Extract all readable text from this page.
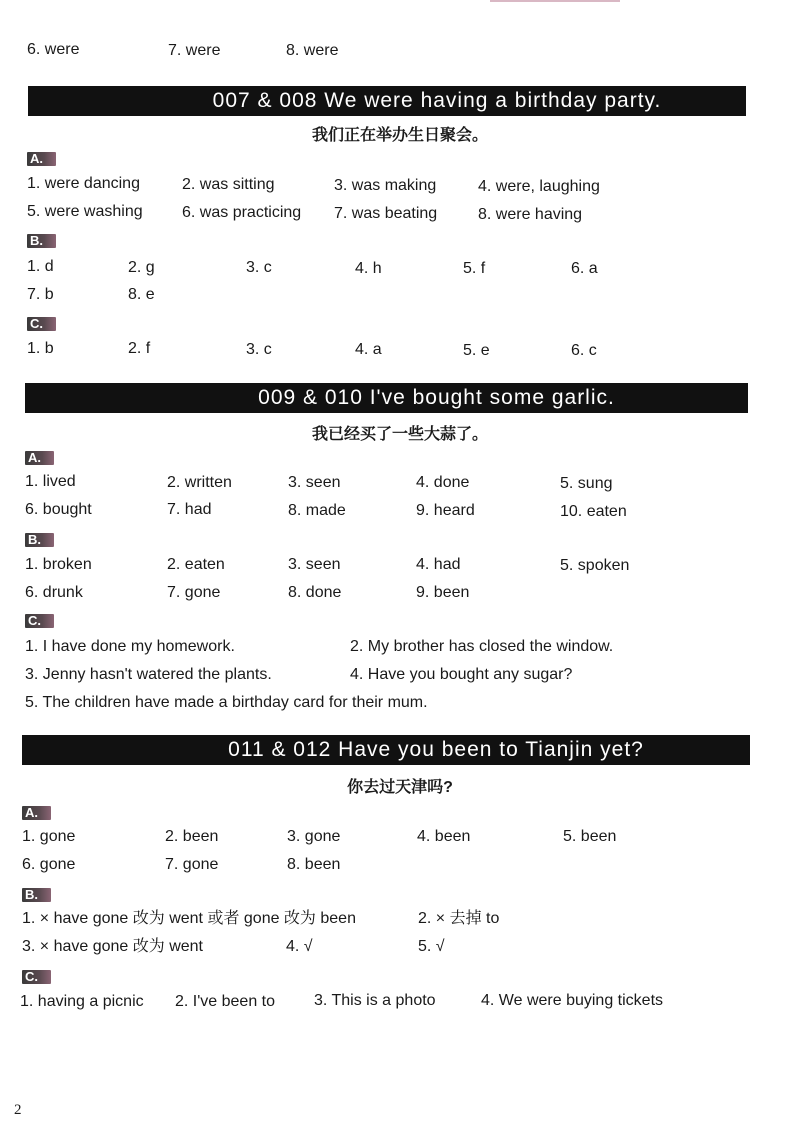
6. were	7. were	8. were
007 & 008 We were having a birthday party.
我们正在举办生日聚会。
A.
1. were dancing	2. was sitting	3. was making	4. were, laughing
5. were washing 6. was practicing 7. was beating	8. were having
B.
1. d	2. g	3. c	4. h	5. f	6. a
7. b	8. e
C.
1. b	2. f	3. c	4. a	5. e	6. c
009 & 010 I've bought some garlic.
我已经买了一些大蒜了。
A.
1. lived	2. written	3. seen	4. done	5. sung
6. bought	7. had	8. made	9. heard	10. eaten
B.
1. broken	2. eaten	3. seen	4. had	5. spoken
6. drunk	7. gone	8. done	9. been
C.
1. I have done my homework.	2. My brother has closed the window.
3. Jenny hasn't watered the plants.	4. Have you bought any sugar?
5. The children have made a birthday card for their mum.
011 & 012 Have you been to Tianjin yet?
你去过天津吗?
A.
1. gone	2. been	3. gone	4. been	5. been
6. gone	7. gone	8. been
B.
1. × have gone 改为 went 或者 gone 改为 been	2. × 去掉 to
3. × have gone 改为 went	4. √	5. √
C.
1. having a picnic 2. I've been to 3. This is a photo	4. We were buying tickets
2
